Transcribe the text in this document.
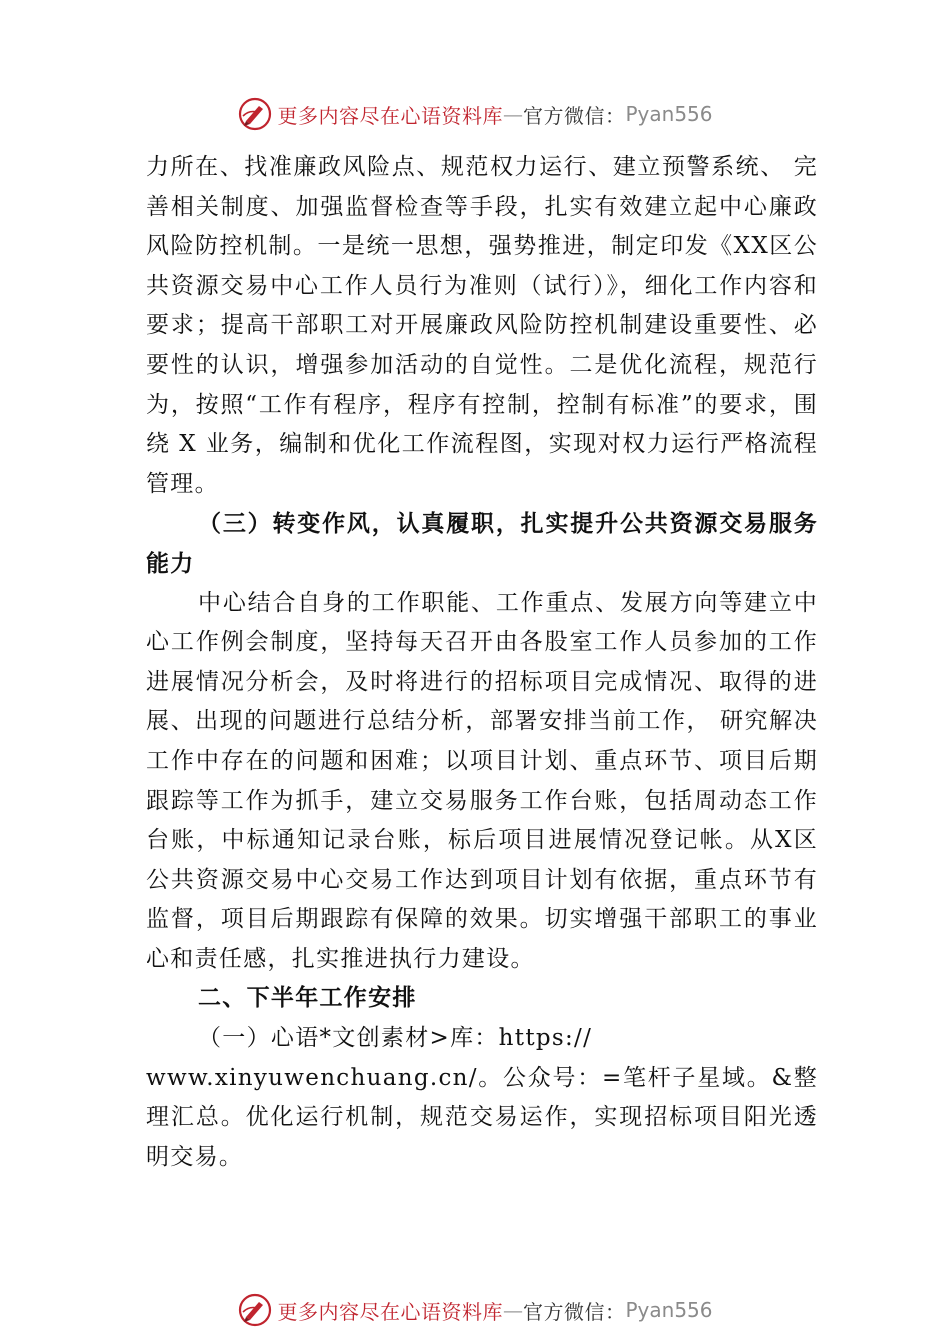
更多内容尽在心语资料库 — 官方微信： Pyan556

力所在、找准廉政风险点、规范权力运行、建立预警系统、 完善相关制度、加强监督检查等手段，扎实有效建立起中心廉政风险防控机制。一是统一思想，强势推进，制定印发《XX区公共资源交易中心工作人员行为准则（试行）》，细化工作内容和要求；提高干部职工对开展廉政风险防控机制建设重要性、必要性的认识，增强参加活动的自觉性。二是优化流程，规范行为，按照“工作有程序，程序有控制，控制有标准”的要求，围绕 X 业务，编制和优化工作流程图，实现对权力运行严格流程管理。

（三）转变作风，认真履职，扎实提升公共资源交易服务能力

中心结合自身的工作职能、工作重点、发展方向等建立中心工作例会制度，坚持每天召开由各股室工作人员参加的工作进展情况分析会，及时将进行的招标项目完成情况、取得的进展、出现的问题进行总结分析，部署安排当前工作， 研究解决工作中存在的问题和困难；以项目计划、重点环节、项目后期跟踪等工作为抓手，建立交易服务工作台账，包括周动态工作台账，中标通知记录台账，标后项目进展情况登记帐。从X区公共资源交易中心交易工作达到项目计划有依据，重点环节有监督，项目后期跟踪有保障的效果。切实增强干部职工的事业心和责任感，扎实推进执行力建设。

二、下半年工作安排

（一）心语*文创素材>库：https://

www.xinyuwenchuang.cn/。公众号：=笔杆子星域。&整理汇总。优化运行机制，规范交易运作，实现招标项目阳光透明交易。

更多内容尽在心语资料库 — 官方微信： Pyan556
